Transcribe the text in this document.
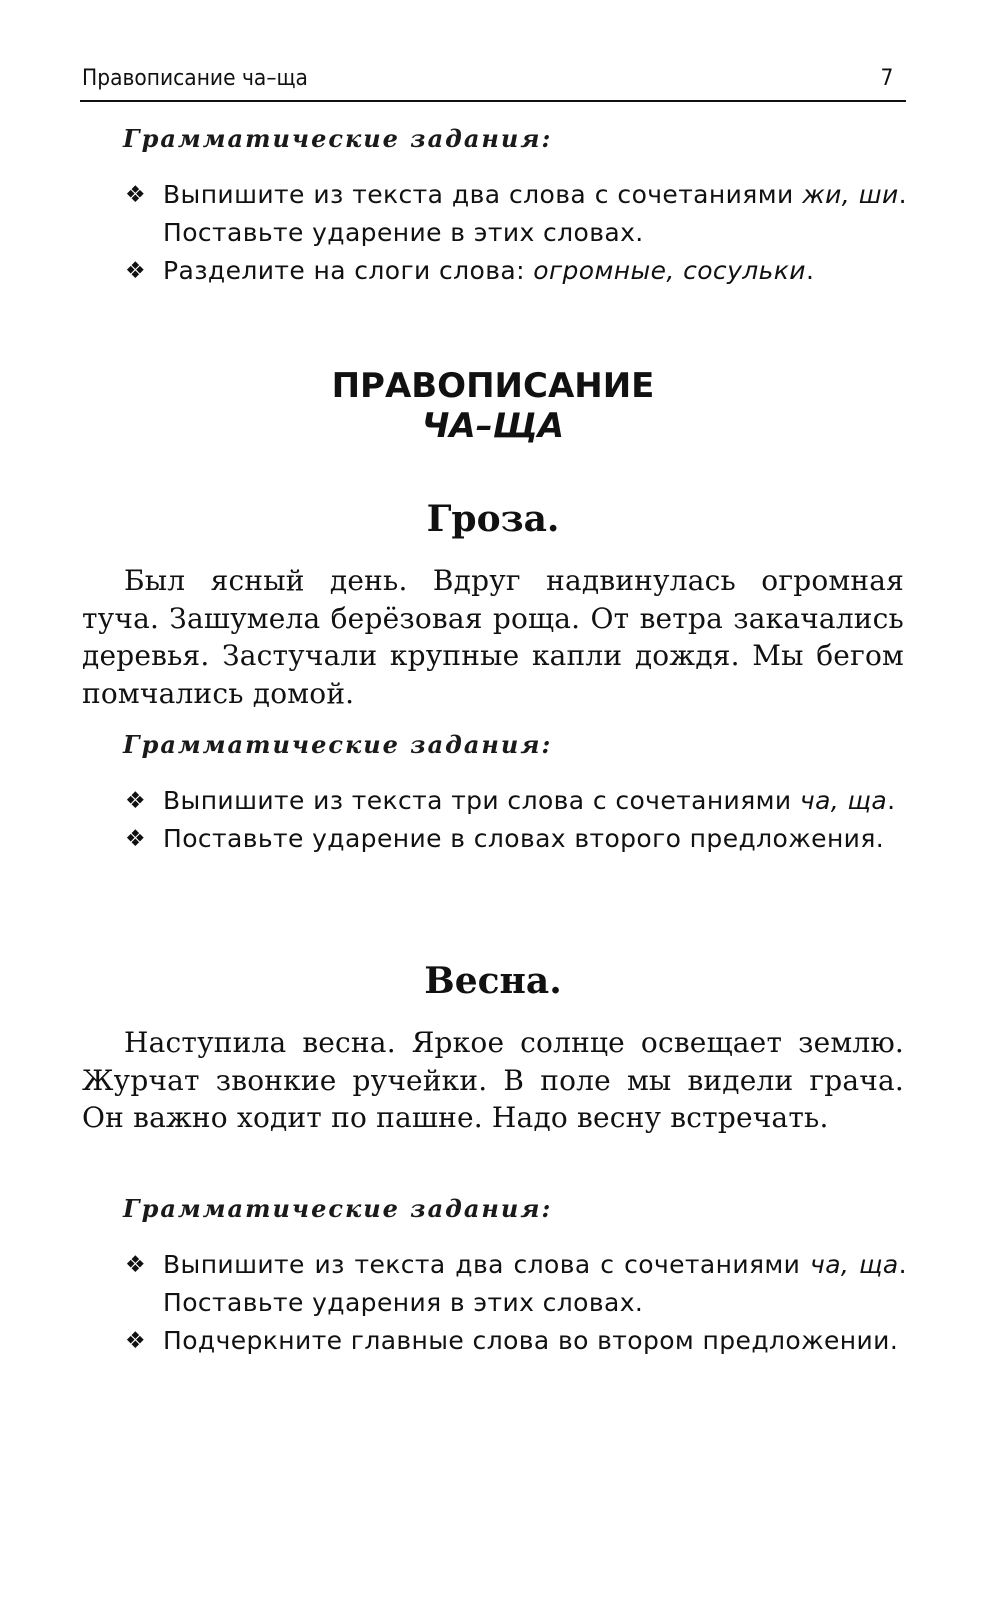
Правописание ча–ща	7
Грамматические задания:
❖ Выпишите из текста два слова с сочетаниями жи, ши. Поставьте ударение в этих словах.
❖ Разделите на слоги слова: огромные, сосульки.
ПРАВОПИСАНИЕ
ЧА–ЩА
Гроза.

Был ясный день. Вдруг надвинулась огромная туча. Зашумела берёзовая роща. От ветра закачались деревья. Застучали крупные капли дождя. Мы бегом помчались домой.

Грамматические задания:
❖ Выпишите из текста три слова с сочетаниями ча, ща.
❖ Поставьте ударение в словах второго предложения.
Весна.

Наступила весна. Яркое солнце освещает землю. Журчат звонкие ручейки. В поле мы видели грача. Он важно ходит по пашне. Надо весну встречать.

Грамматические задания:
❖ Выпишите из текста два слова с сочетаниями ча, ща. Поставьте ударения в этих словах.
❖ Подчеркните главные слова во втором предложении.
